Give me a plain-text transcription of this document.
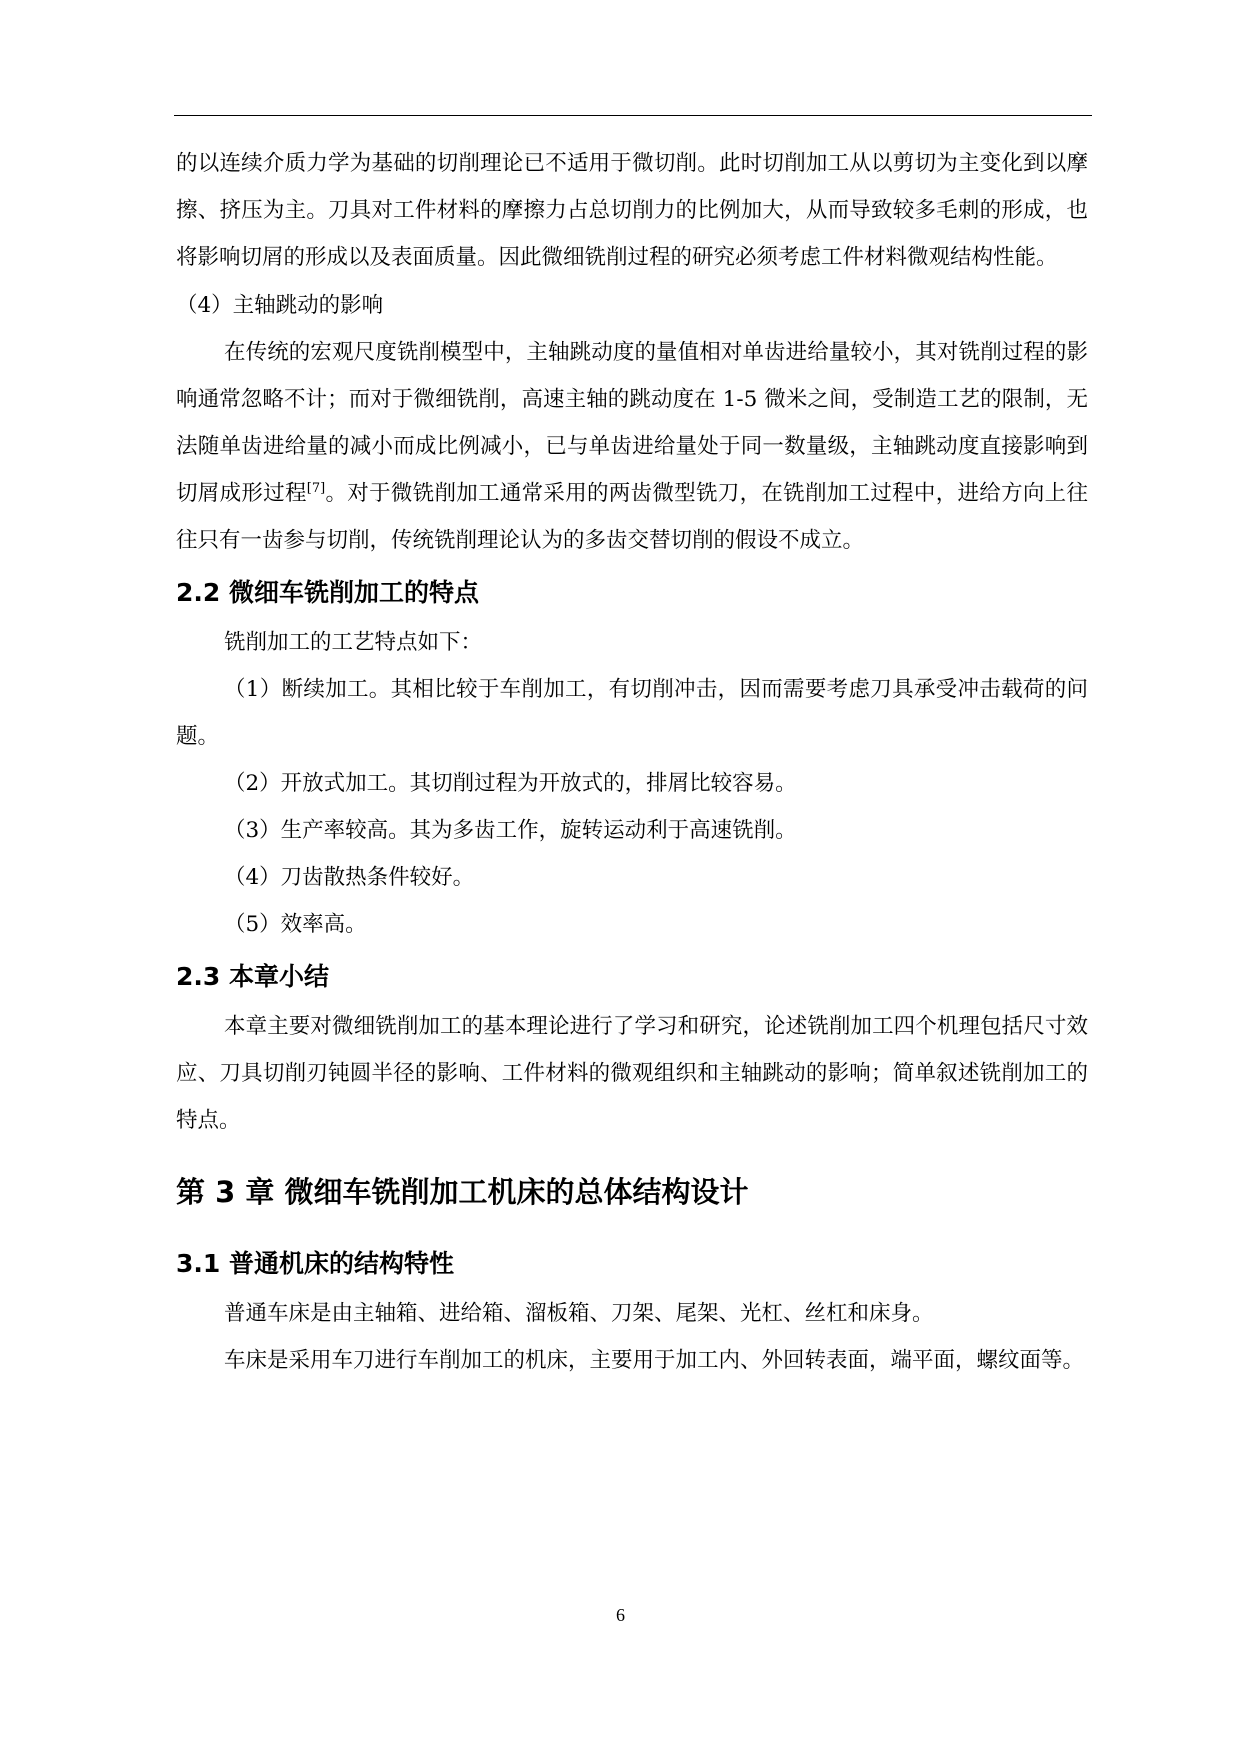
的以连续介质力学为基础的切削理论已不适用于微切削。此时切削加工从以剪切为主变化到以摩擦、挤压为主。刀具对工件材料的摩擦力占总切削力的比例加大，从而导致较多毛刺的形成，也将影响切屑的形成以及表面质量。因此微细铣削过程的研究必须考虑工件材料微观结构性能。

（4）主轴跳动的影响

在传统的宏观尺度铣削模型中，主轴跳动度的量值相对单齿进给量较小，其对铣削过程的影响通常忽略不计；而对于微细铣削，高速主轴的跳动度在 1-5 微米之间，受制造工艺的限制，无法随单齿进给量的减小而成比例减小，已与单齿进给量处于同一数量级，主轴跳动度直接影响到切屑成形过程[7]。对于微铣削加工通常采用的两齿微型铣刀，在铣削加工过程中，进给方向上往往只有一齿参与切削，传统铣削理论认为的多齿交替切削的假设不成立。

2.2 微细车铣削加工的特点

铣削加工的工艺特点如下：

（1）断续加工。其相比较于车削加工，有切削冲击，因而需要考虑刀具承受冲击载荷的问题。

（2）开放式加工。其切削过程为开放式的，排屑比较容易。

（3）生产率较高。其为多齿工作，旋转运动利于高速铣削。

（4）刀齿散热条件较好。

（5）效率高。

2.3 本章小结

本章主要对微细铣削加工的基本理论进行了学习和研究，论述铣削加工四个机理包括尺寸效应、刀具切削刃钝圆半径的影响、工件材料的微观组织和主轴跳动的影响；简单叙述铣削加工的特点。

第 3 章 微细车铣削加工机床的总体结构设计
3.1 普通机床的结构特性

普通车床是由主轴箱、进给箱、溜板箱、刀架、尾架、光杠、丝杠和床身。

车床是采用车刀进行车削加工的机床，主要用于加工内、外回转表面，端平面，螺纹面等。

6
